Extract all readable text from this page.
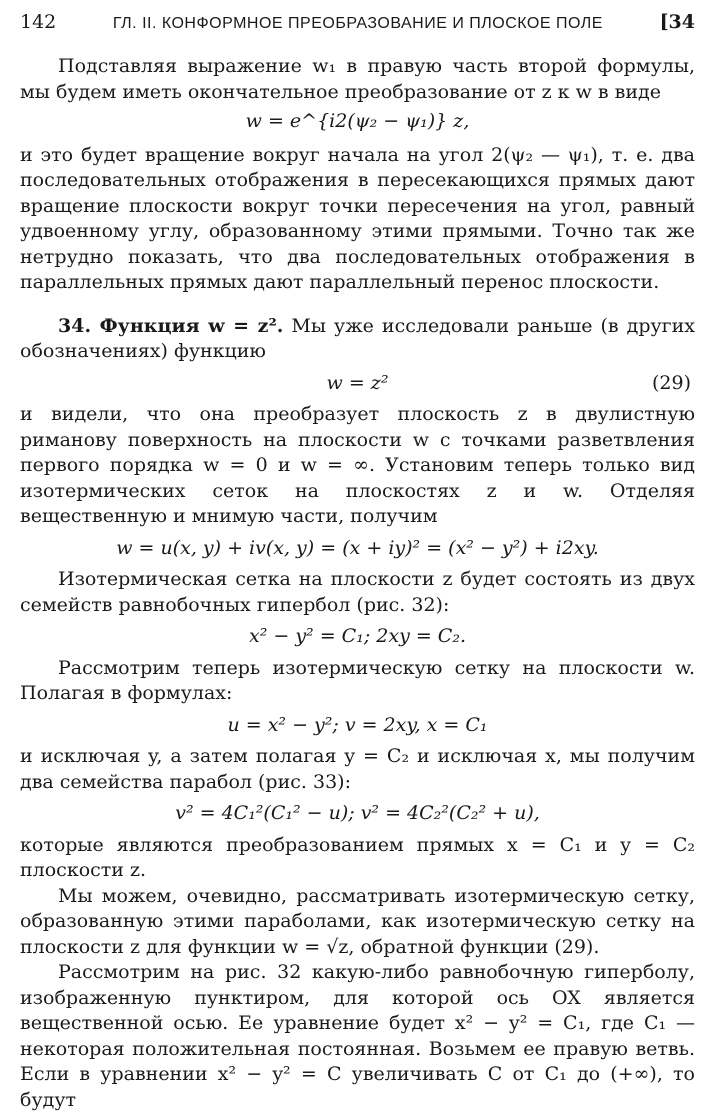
142	ГЛ. II. КОНФОРМНОЕ ПРЕОБРАЗОВАНИЕ И ПЛОСКОЕ ПОЛЕ	[34

Подставляя выражение w₁ в правую часть второй формулы, мы будем иметь окончательное преобразование от z к w в виде

w = e^{i2(ψ₂ − ψ₁)} z,

и это будет вращение вокруг начала на угол 2(ψ₂ — ψ₁), т. е. два последовательных отображения в пересекающихся прямых дают вращение плоскости вокруг точки пересечения на угол, равный удвоенному углу, образованному этими прямыми. Точно так же нетрудно показать, что два последовательных отображения в параллельных прямых дают параллельный перенос плоскости.

34. Функция w = z². Мы уже исследовали раньше (в других обозначениях) функцию

w = z²	(29)

и видели, что она преобразует плоскость z в двулистную риманову поверхность на плоскости w с точками разветвления первого порядка w = 0 и w = ∞. Установим теперь только вид изотермических сеток на плоскостях z и w. Отделяя вещественную и мнимую части, получим

w = u(x, y) + iv(x, y) = (x + iy)² = (x² − y²) + i2xy.

Изотермическая сетка на плоскости z будет состоять из двух семейств равнобочных гипербол (рис. 32):

x² − y² = C₁; 2xy = C₂.

Рассмотрим теперь изотермическую сетку на плоскости w. Полагая в формулах:

u = x² − y²; v = 2xy, x = C₁

и исключая y, а затем полагая y = C₂ и исключая x, мы получим два семейства парабол (рис. 33):

v² = 4C₁²(C₁² − u); v² = 4C₂²(C₂² + u),

которые являются преобразованием прямых x = C₁ и y = C₂ плоскости z.

Мы можем, очевидно, рассматривать изотермическую сетку, образованную этими параболами, как изотермическую сетку на плоскости z для функции w = √z, обратной функции (29).

Рассмотрим на рис. 32 какую-либо равнобочную гиперболу, изображенную пунктиром, для которой ось OX является вещественной осью. Ее уравнение будет x² − y² = C₁, где C₁ — некоторая положительная постоянная. Возьмем ее правую ветвь. Если в уравнении x² − y² = C увеличивать C от C₁ до (+∞), то будут
